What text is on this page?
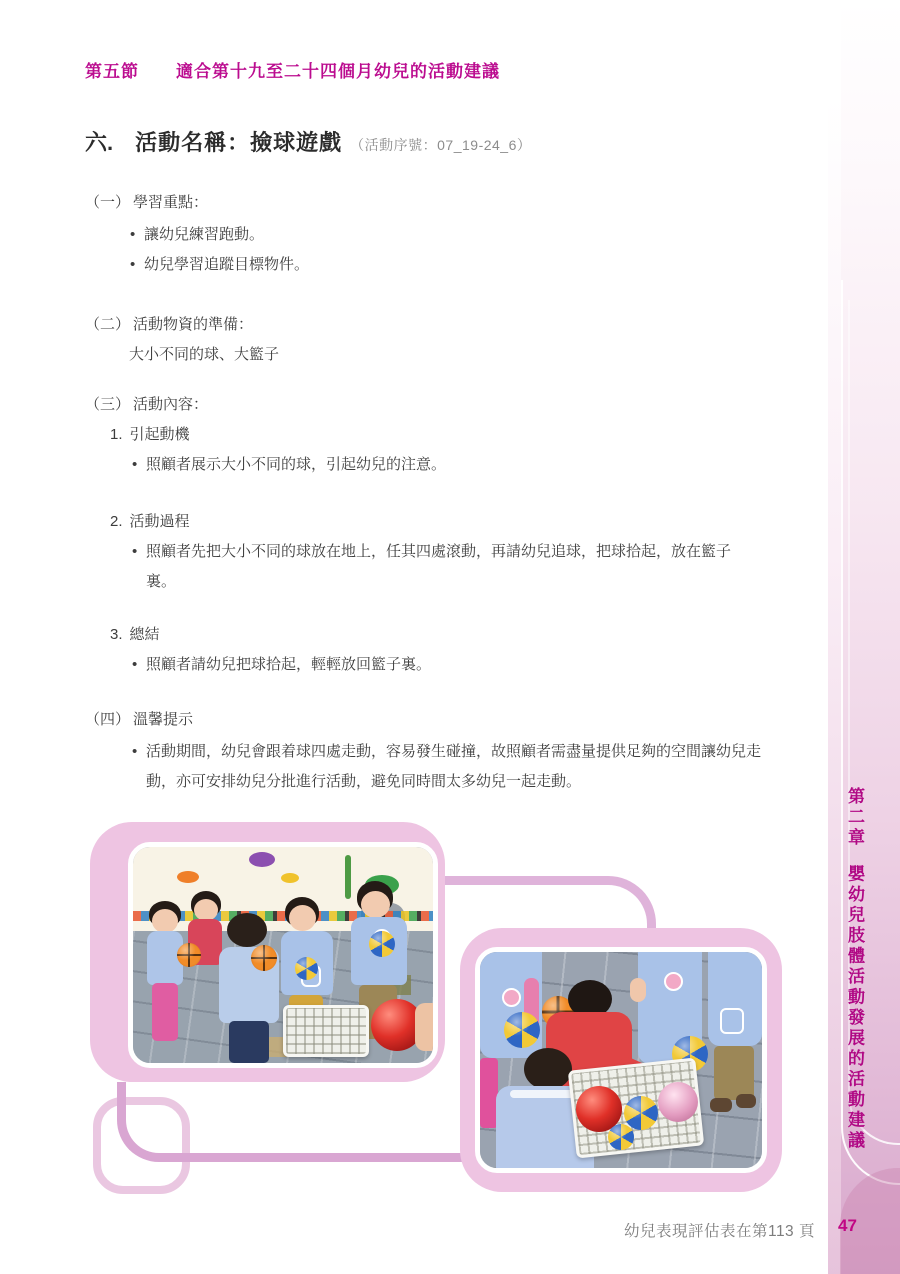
第五節 適合第十九至二十四個月幼兒的活動建議
六. 活動名稱：撿球遊戲 （活動序號：07_19-24_6）
（一） 學習重點：
• 讓幼兒練習跑動。
• 幼兒學習追蹤目標物件。
（二） 活動物資的準備：
大小不同的球、大籃子
（三） 活動內容：
1. 引起動機
• 照顧者展示大小不同的球，引起幼兒的注意。
2. 活動過程
• 照顧者先把大小不同的球放在地上，任其四處滾動，再請幼兒追球，把球拾起，放在籃子裏。
3. 總結
• 照顧者請幼兒把球拾起，輕輕放回籃子裏。
（四） 溫馨提示
• 活動期間，幼兒會跟着球四處走動，容易發生碰撞，故照顧者需盡量提供足夠的空間讓幼兒走動，亦可安排幼兒分批進行活動，避免同時間太多幼兒一起走動。
第二章嬰幼兒肢體活動發展的活動建議
47
幼兒表現評估表在第113 頁
